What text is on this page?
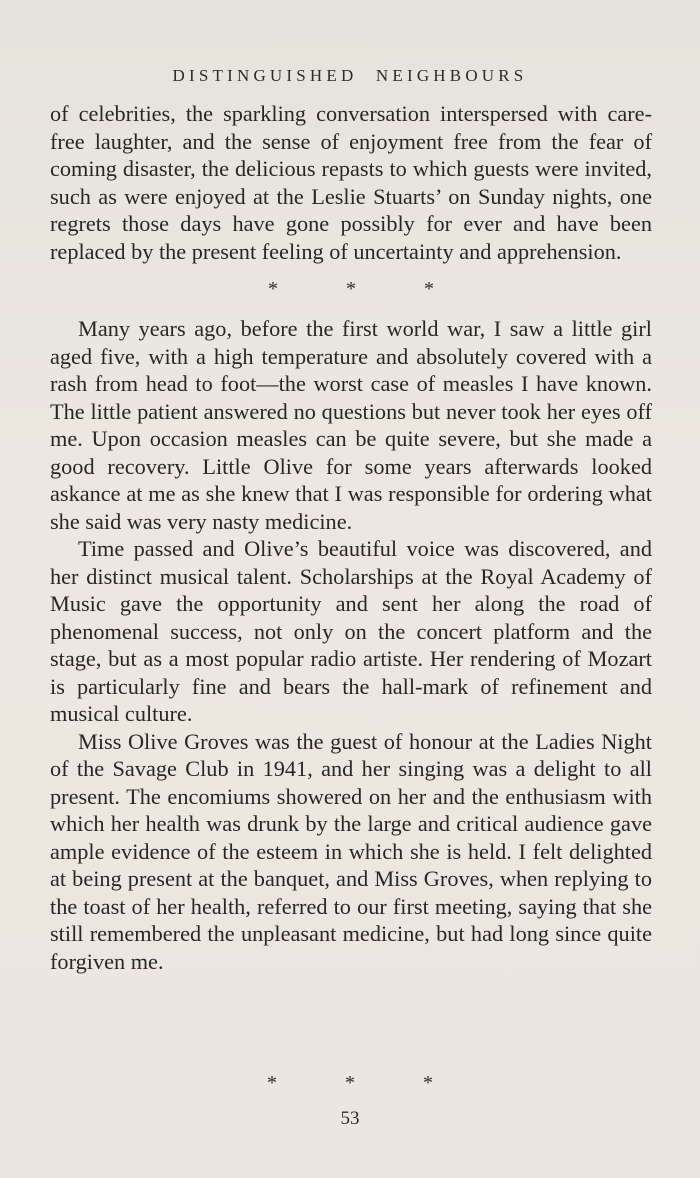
DISTINGUISHED NEIGHBOURS

of celebrities, the sparkling conversation interspersed with care-free laughter, and the sense of enjoyment free from the fear of coming disaster, the delicious repasts to which guests were invited, such as were enjoyed at the Leslie Stuarts’ on Sunday nights, one regrets those days have gone possibly for ever and have been replaced by the present feeling of uncertainty and apprehension.

*	*	*

Many years ago, before the first world war, I saw a little girl aged five, with a high temperature and absolutely covered with a rash from head to foot—the worst case of measles I have known. The little patient answered no questions but never took her eyes off me. Upon occasion measles can be quite severe, but she made a good recovery. Little Olive for some years afterwards looked askance at me as she knew that I was responsible for ordering what she said was very nasty medicine.

Time passed and Olive’s beautiful voice was discovered, and her distinct musical talent. Scholarships at the Royal Academy of Music gave the opportunity and sent her along the road of phenomenal success, not only on the concert platform and the stage, but as a most popular radio artiste. Her rendering of Mozart is particularly fine and bears the hall-mark of refinement and musical culture.

Miss Olive Groves was the guest of honour at the Ladies Night of the Savage Club in 1941, and her singing was a delight to all present. The encomiums showered on her and the enthusiasm with which her health was drunk by the large and critical audience gave ample evidence of the esteem in which she is held. I felt delighted at being present at the banquet, and Miss Groves, when replying to the toast of her health, referred to our first meeting, saying that she still remembered the unpleasant medicine, but had long since quite forgiven me.

*	*	*
53
